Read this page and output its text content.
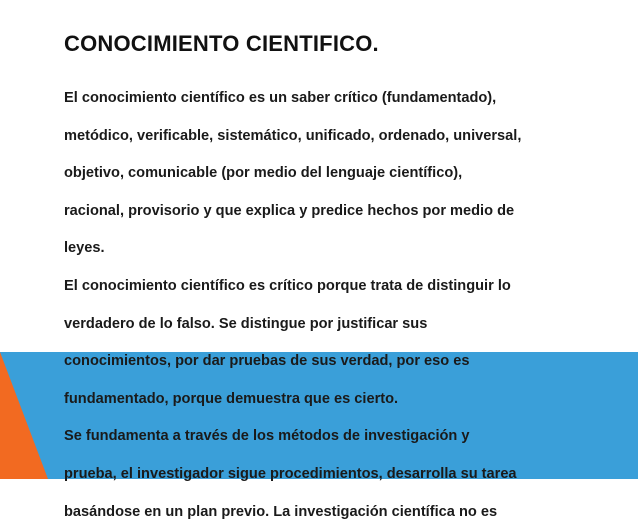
CONOCIMIENTO CIENTIFICO.
El conocimiento científico es un saber crítico (fundamentado),
metódico, verificable, sistemático, unificado, ordenado, universal,
objetivo, comunicable (por medio del lenguaje científico),
racional, provisorio y que explica y predice hechos por medio de
leyes.
El conocimiento científico es crítico porque trata de distinguir lo
verdadero de lo falso. Se distingue por justificar sus
conocimientos, por dar pruebas de sus verdad, por eso es
fundamentado, porque demuestra que es cierto.
Se fundamenta a través de los métodos de investigación y
prueba, el investigador sigue procedimientos, desarrolla su tarea
basándose en un plan previo. La investigación científica no es
